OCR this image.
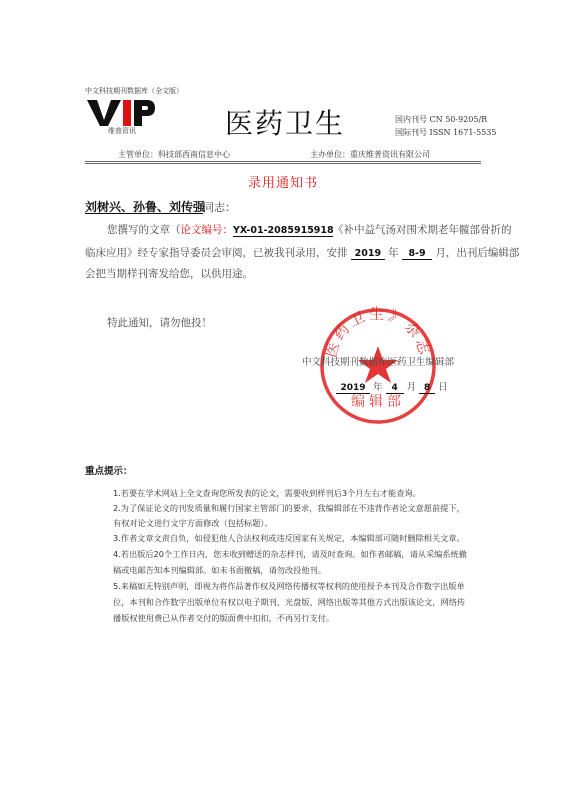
中文科技期刊数据库（全文版）
维普资讯	医药卫生	国内刊号 CN 50-9205/R
国际刊号 ISSN 1671-5535
主管单位：科技部西南信息中心	主办单位：重庆维普资讯有限公司
录用通知书
刘树兴、孙鲁、刘传强
同志：
您撰写的文章（论文编号：YX-01-2085915918《补中益气汤对围术期老年髋部骨折的
临床应用》经专家指导委员会审阅，已被我刊录用，安排 2019 年 8-9 月，出刊后编辑部
会把当期样刊寄发给您，以供用途。
特此通知，请勿他投！
医药卫生》杂志
编辑部
中文科技期刊数据库医药卫生编辑部
2019 年 4 月 8 日
重点提示：
1.若要在学术网站上全文查询您所发表的论文，需要收到样刊后3个月左右才能查询。
2.为了保证论文的刊发质量和履行国家主管部门的要求，我编辑部在不违背作者论文意愿前提下，
有权对论文进行文字方面修改（包括标题）。
3.作者文章文责自负，如侵犯他人合法权利或违反国家有关规定，本编辑部可随时删除相关文章。
4.若出版后20个工作日内，您未收到赠送的杂志样刊，请及时查询。如作者邮稿，请从采编系统撤
稿或电邮告知本刊编辑部。如未书面撤稿，请勿改投他刊。
5.来稿如无特别声明，即视为将作品著作权及网络传播权等权利的使用授予本刊及合作数字出版单
位，本刊和合作数字出版单位有权以电子期刊、光盘版、网络出版等其他方式出版该论文，网络传
播版权使用费已从作者交付的版面费中扣扣，不再另行支付。
